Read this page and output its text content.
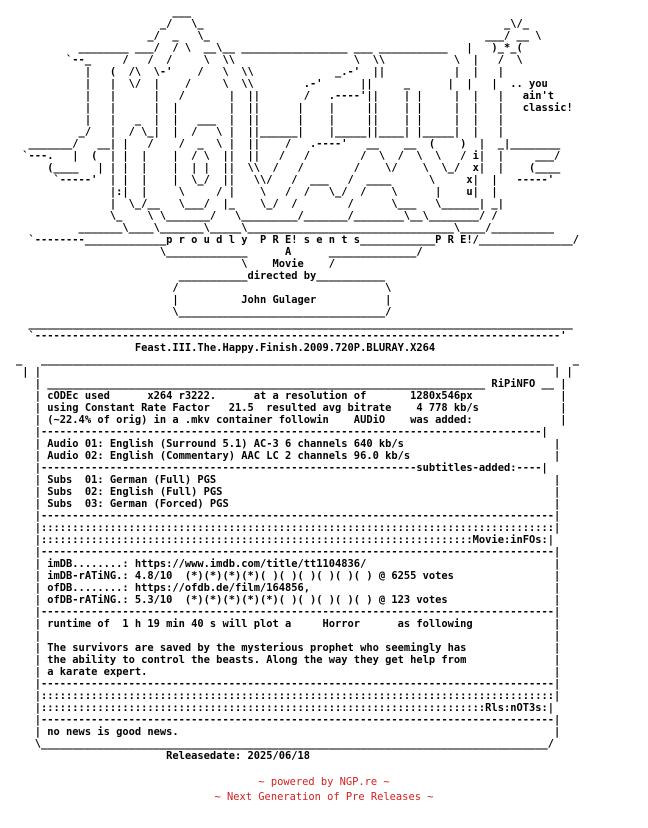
___
_/   \_                                                _\/_
_/  _   \_                                            ___/ __ \
________ ___/  / \  __\__ _________________ ___ ___________   |   )_*_(
`--_     /   /  /     \  \\                   \  \\           \  |   /  \
|   (  /\  \-'    /   \  \\             _.-'  ||           |  |   |
|   |  \/  |    /     \  \\        .-'      ||     _      |  |   |  .. you
|   |      |   /       |  ||       /   .----'||    | |     |  |   |   ain't
|   |      |  |        |  ||      |    |     ||    | |     |  |   |   classic!
|   |   _  |  |   ___  |  ||      |    |     ||    | |     |  |   |
_/   |  / \_|  |  /   \ |  ||______|    |_____||____| |_____|  |   |
_______/   __| |   /    /  _  \ |  ||    /   .----'   __    __  (    )  |  _|________
`---.   |  (  | |  |    |  / \  ||  ||   /   /        /  \  /  \  \   / i|  |     ___/
(____   | | |  |    |  | |  ||  \\  /   /        /    \/    \  \_/  x|  |    (____
`-----'  | |  |    |  \_/  ||   \\/   /  ___   /  ____      \     x|  |   -----'
|:|  |     \     / |    \   /  /   \_/  /    \      |    u|  |
|  \_/__   \___/  |_    \_/  /        /      \___   \______| _|
\_    \ \_______/   \_________/_______/________\__\________/ /
_______\____\_______\_____\_________________________________\____/__________
`--------_____________p r o u d l y  P R E! s e n t s____________P R E!/_______________/
\_____________      A      ______________/
\    Movie    /
___________directed by___________
/                                 \
|          John Gulager           |
\_________________________________/
_______________________________________________________________________________________
`------------------------------------------------------------------------------------'
Feast.III.The.Happy.Finish.2009.720P.BLURAY.X264
_   __________________________________________________________________________________   _
| |                                                                                  | |
| ______________________________________________________________________ RiPiNFO __ |
| cODEc used      x264 r3222.      at a resolution of       1280x546px              |
| using Constant Rate Factor   21.5  resulted avg bitrate    4 778 kb/s             |
| (~22.4% of orig) in a .mkv container followin    AUDiO    was added:              |
|--------------------------------------------------------------------------------|
| Audio 01: English (Surround 5.1) AC-3 6 channels 640 kb/s                        |
| Audio 02: English (Commentary) AAC LC 2 channels 96.0 kb/s                       |
|------------------------------------------------------------subtitles-added:----|
| Subs  01: German (Full) PGS                                                      |
| Subs  02: English (Full) PGS                                                     |
| Subs  03: German (Forced) PGS                                                    |
|----------------------------------------------------------------------------------|
|::::::::::::::::::::::::::::::::::::::::::::::::::::::::::::::::::::::::::::::::::|
|:::::::::::::::::::::::::::::::::::::::::::::::::::::::::::::::::::::Movie:inFOs:|
|----------------------------------------------------------------------------------|
| imDB........: https://www.imdb.com/title/tt1104836/                              |
| imDB-rATiNG.: 4.8/10  (*)(*)(*)(*)( )( )( )( )( )( ) @ 6255 votes                |
| ofDB........: https://ofdb.de/film/164856,                                       |
| ofDB-rATiNG.: 5.3/10  (*)(*)(*)(*)(*)( )( )( )( )( ) @ 123 votes                 |
|----------------------------------------------------------------------------------|
| runtime of  1 h 19 min 40 s will plot a     Horror      as following             |
|                                                                                  |
| The survivors are saved by the mysterious prophet who seemingly has              |
| the ability to control the beasts. Along the way they get help from              |
| a karate expert.                                                                 |
|----------------------------------------------------------------------------------|
|::::::::::::::::::::::::::::::::::::::::::::::::::::::::::::::::::::::::::::::::::|
|:::::::::::::::::::::::::::::::::::::::::::::::::::::::::::::::::::::::Rls:nOT3s:|
|----------------------------------------------------------------------------------|
| no news is good news.                                                            |
\_________________________________________________________________________________/
Releasedate: 2025/06/18
~ powered by NGP.re ~
~ Next Generation of Pre Releases ~
